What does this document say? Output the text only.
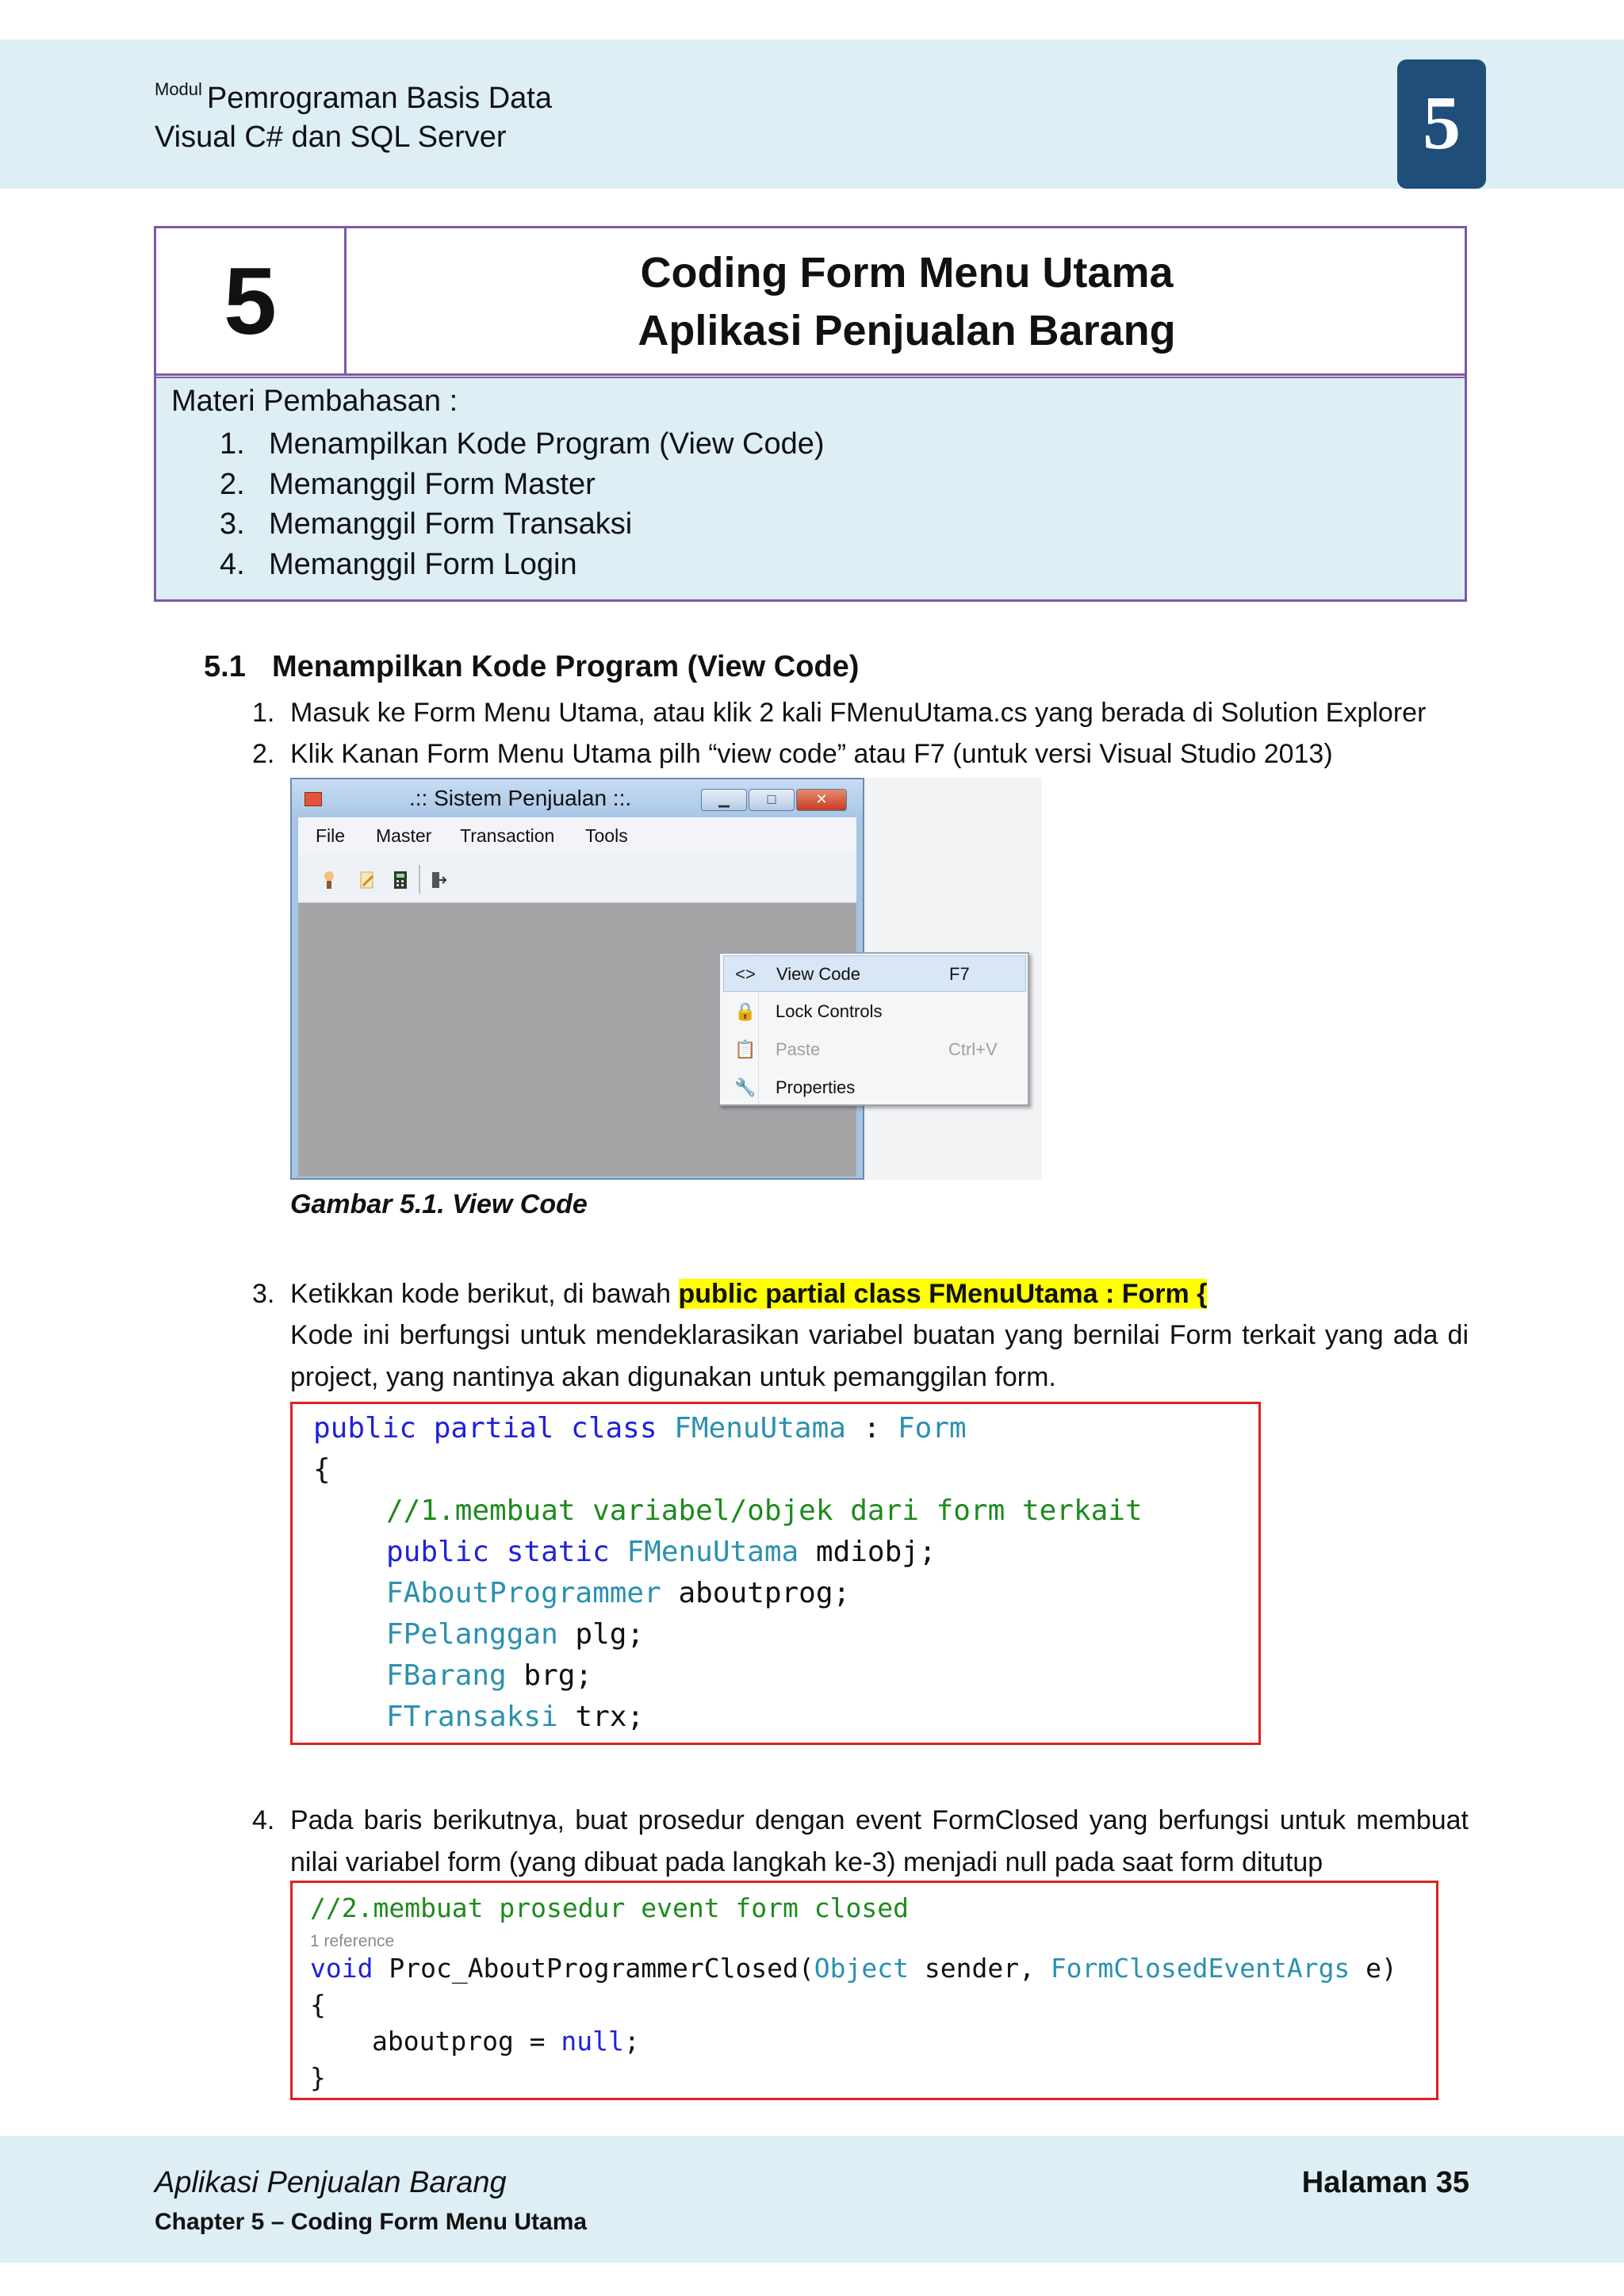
$^{Modul}$ Pemrograman Basis Data
Visual C# dan SQL Server	5
5	Coding Form Menu Utama
Aplikasi Penjualan Barang
Materi Pembahasan :
1. Menampilkan Kode Program (View Code)
2. Memanggil Form Master
3. Memanggil Form Transaksi
4. Memanggil Form Login
5.1 Menampilkan Kode Program (View Code)
1. Masuk ke Form Menu Utama, atau klik 2 kali FMenuUtama.cs yang berada di Solution Explorer
2. Klik Kanan Form Menu Utama pilh “view code” atau F7 (untuk versi Visual Studio 2013)
.:: Sistem Penjualan ::.	▁	□	✕
File Master Transaction Tools
<> View Code	F7
🔒 Lock Controls
📋 Paste	Ctrl+V
🔧 Properties
Gambar 5.1. View Code
3. Ketikkan kode berikut, di bawah public partial class FMenuUtama : Form {
Kode ini berfungsi untuk mendeklarasikan variabel buatan yang bernilai Form terkait yang ada di project, yang nantinya akan digunakan untuk pemanggilan form.

public partial class FMenuUtama : Form

{

//1.membuat variabel/objek dari form terkait

public static FMenuUtama mdiobj;

FAboutProgrammer aboutprog;

FPelanggan plg;

FBarang brg;

FTransaksi trx;

4. Pada baris berikutnya, buat prosedur dengan event FormClosed yang berfungsi untuk membuat nilai variabel form (yang dibuat pada langkah ke-3) menjadi null pada saat form ditutup

//2.membuat prosedur event form closed

1 reference

void Proc_AboutProgrammerClosed(Object sender, FormClosedEventArgs e)

{

aboutprog = null;

}

Aplikasi Penjualan Barang
Chapter 5 – Coding Form Menu Utama
Halaman 35
